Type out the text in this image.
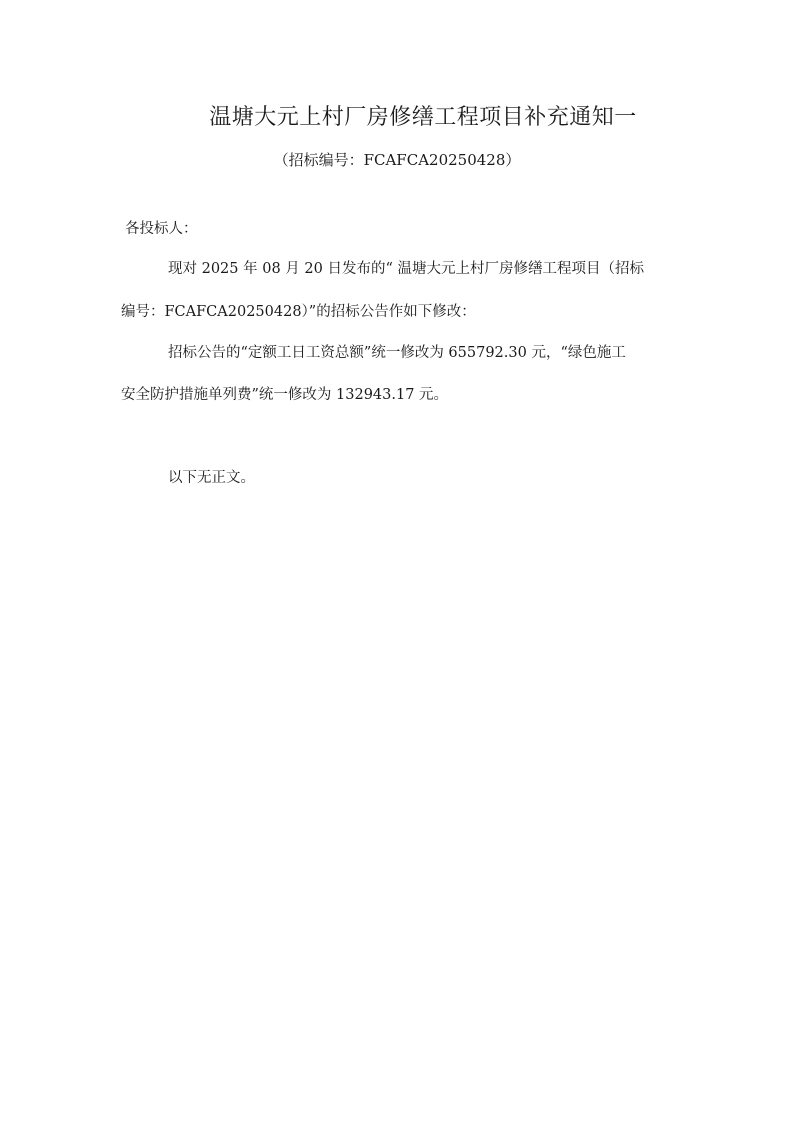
温塘大元上村厂房修缮工程项目补充通知一
（招标编号：FCAFCA20250428）
各投标人：
现对 2025 年 08 月 20 日发布的“ 温塘大元上村厂房修缮工程项目（招标
编号：FCAFCA20250428）”的招标公告作如下修改：
招标公告的“定额工日工资总额”统一修改为 655792.30 元，“绿色施工
安全防护措施单列费”统一修改为 132943.17 元。
以下无正文。
